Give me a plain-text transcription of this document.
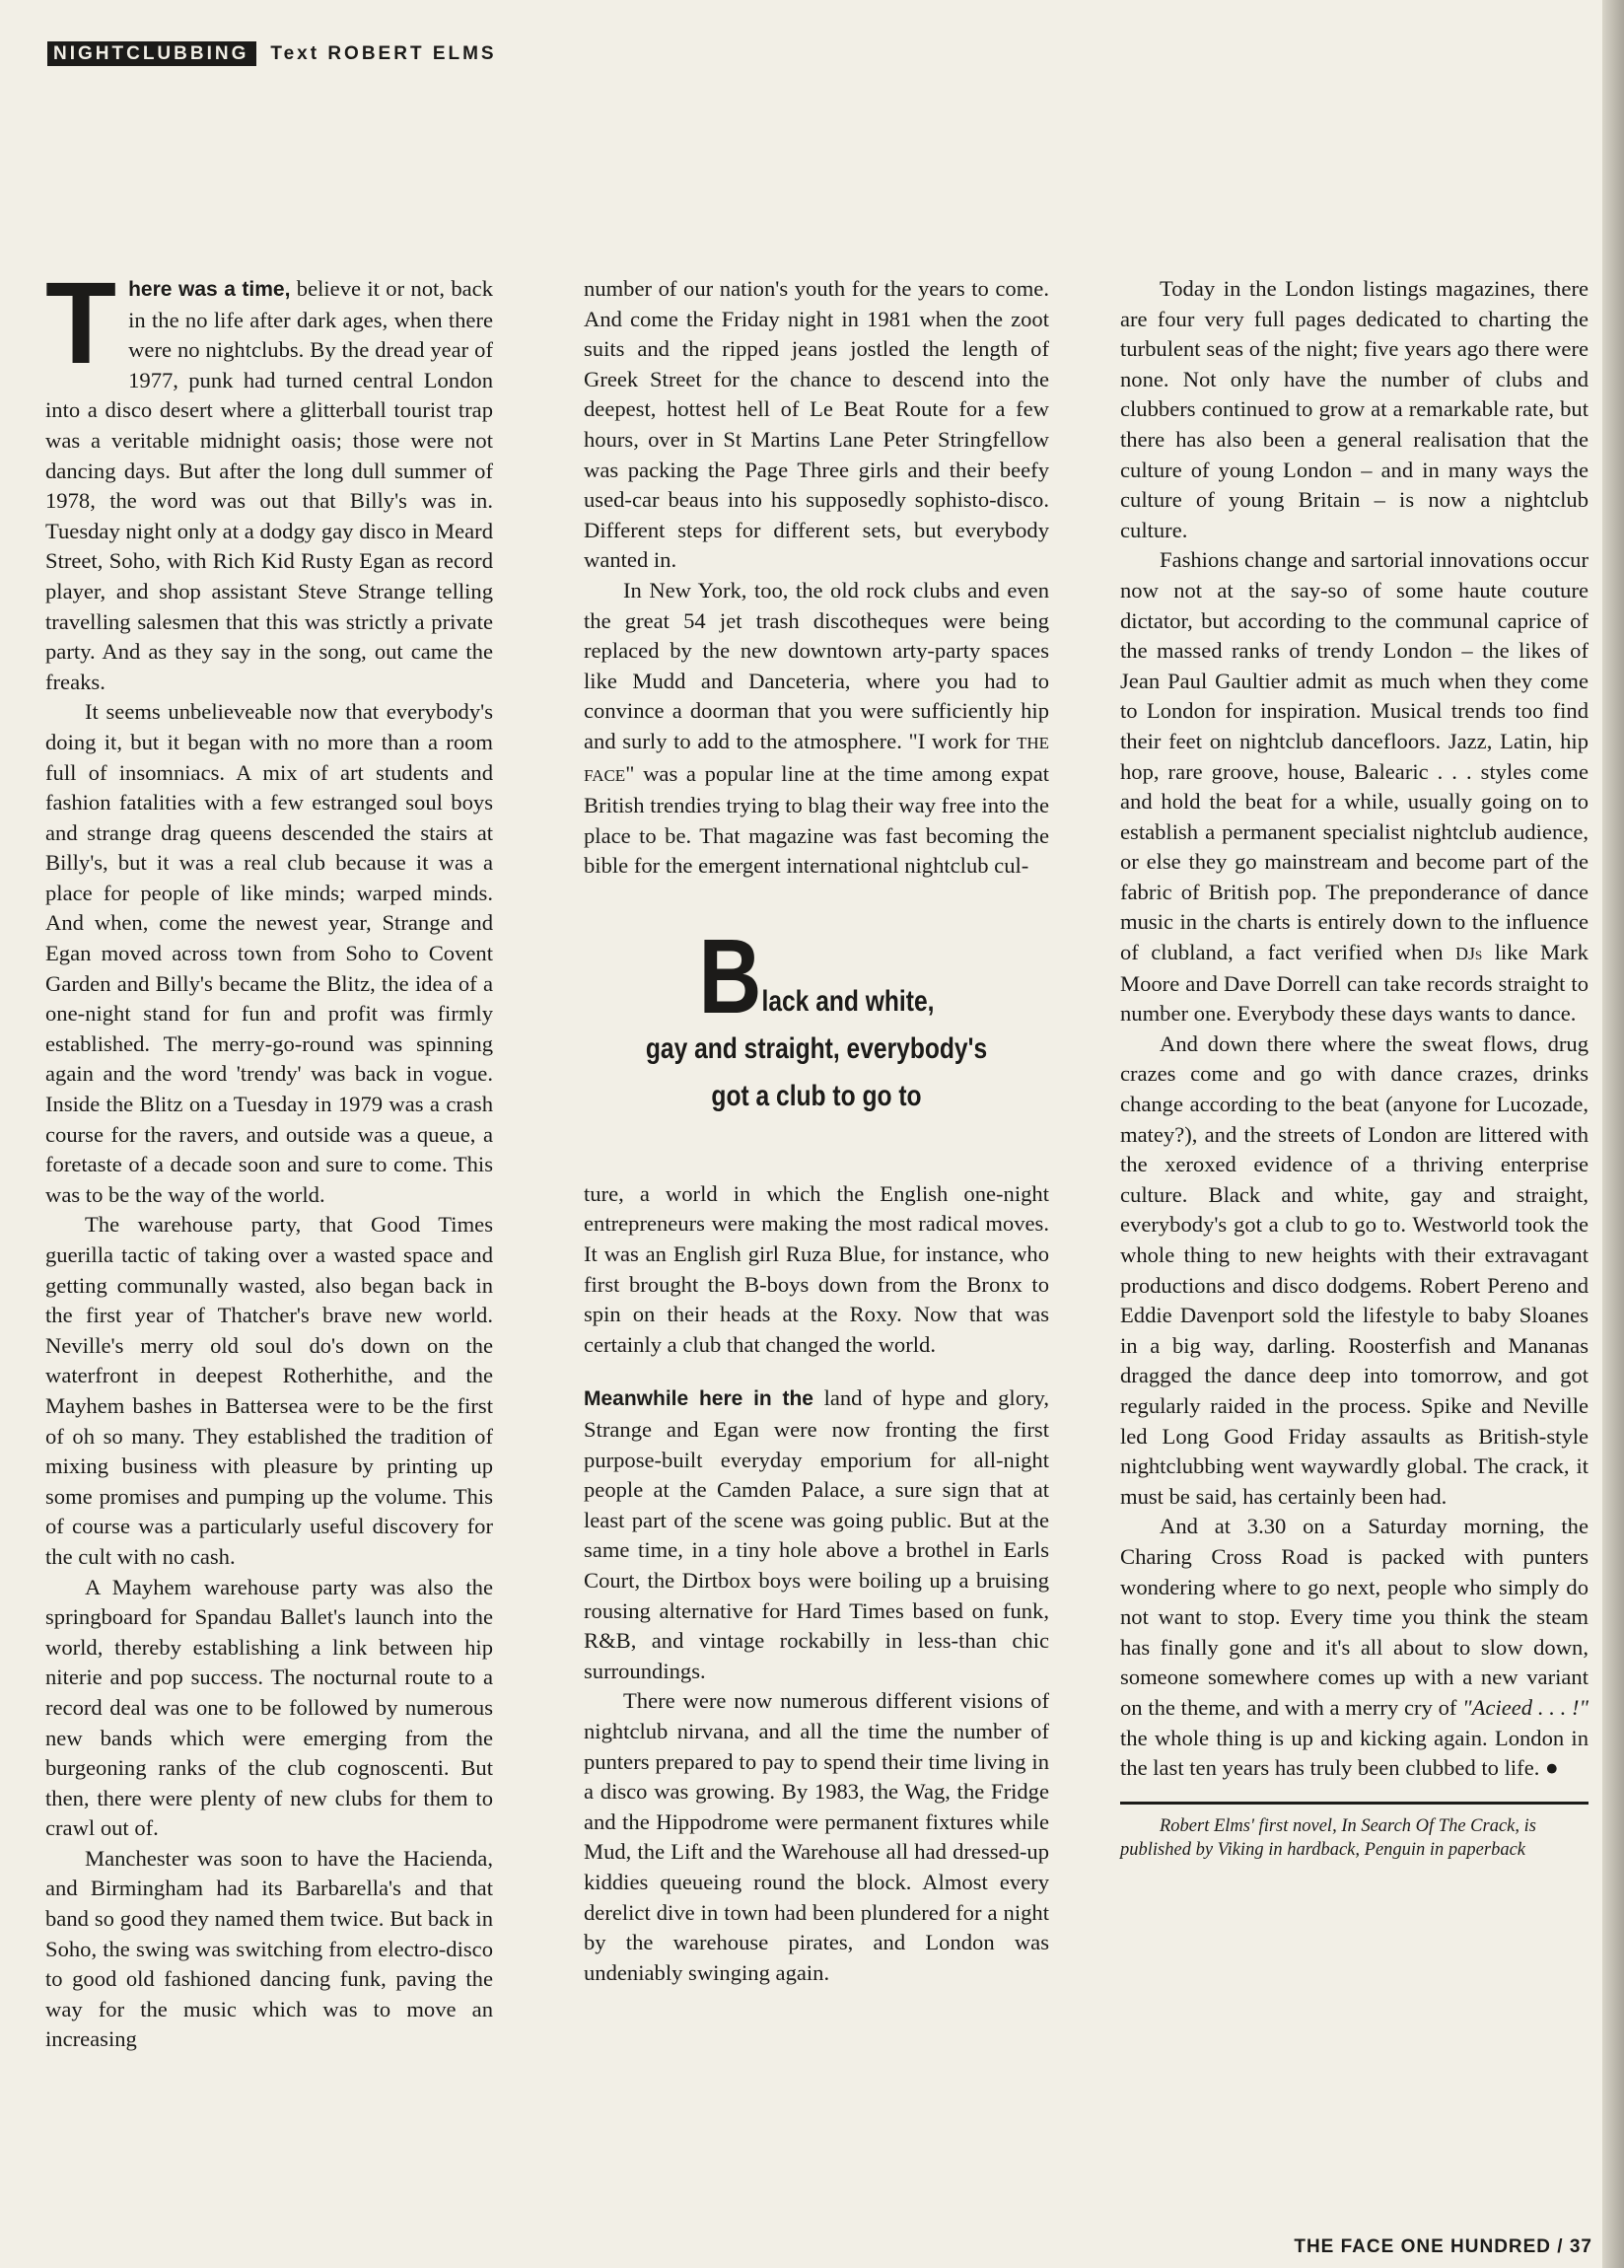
NIGHTCLUBBING Text ROBERT ELMS

There was a time, believe it or not, back in the no life after dark ages, when there were no nightclubs. By the dread year of 1977, punk had turned central London into a disco desert where a glitterball tourist trap was a veritable midnight oasis; those were not dancing days. But after the long dull summer of 1978, the word was out that Billy's was in. Tuesday night only at a dodgy gay disco in Meard Street, Soho, with Rich Kid Rusty Egan as record player, and shop assistant Steve Strange telling travelling salesmen that this was strictly a private party. And as they say in the song, out came the freaks.

It seems unbelieveable now that everybody's doing it, but it began with no more than a room full of insomniacs. A mix of art students and fashion fatalities with a few estranged soul boys and strange drag queens descended the stairs at Billy's, but it was a real club because it was a place for people of like minds; warped minds. And when, come the newest year, Strange and Egan moved across town from Soho to Covent Garden and Billy's became the Blitz, the idea of a one-night stand for fun and profit was firmly established. The merry-go-round was spinning again and the word 'trendy' was back in vogue. Inside the Blitz on a Tuesday in 1979 was a crash course for the ravers, and outside was a queue, a foretaste of a decade soon and sure to come. This was to be the way of the world.

The warehouse party, that Good Times guerilla tactic of taking over a wasted space and getting communally wasted, also began back in the first year of Thatcher's brave new world. Neville's merry old soul do's down on the waterfront in deepest Rotherhithe, and the Mayhem bashes in Battersea were to be the first of oh so many. They established the tradition of mixing business with pleasure by printing up some promises and pumping up the volume. This of course was a particularly useful discovery for the cult with no cash.

A Mayhem warehouse party was also the springboard for Spandau Ballet's launch into the world, thereby establishing a link between hip niterie and pop success. The nocturnal route to a record deal was one to be followed by numerous new bands which were emerging from the burgeoning ranks of the club cognoscenti. But then, there were plenty of new clubs for them to crawl out of.

Manchester was soon to have the Hacienda, and Birmingham had its Barbarella's and that band so good they named them twice. But back in Soho, the swing was switching from electro-disco to good old fashioned dancing funk, paving the way for the music which was to move an increasing

number of our nation's youth for the years to come. And come the Friday night in 1981 when the zoot suits and the ripped jeans jostled the length of Greek Street for the chance to descend into the deepest, hottest hell of Le Beat Route for a few hours, over in St Martins Lane Peter Stringfellow was packing the Page Three girls and their beefy used-car beaus into his supposedly sophisto-disco. Different steps for different sets, but everybody wanted in.

In New York, too, the old rock clubs and even the great 54 jet trash discotheques were being replaced by the new downtown arty-party spaces like Mudd and Danceteria, where you had to convince a doorman that you were sufficiently hip and surly to add to the atmosphere. "I work for THE FACE" was a popular line at the time among expat British trendies trying to blag their way free into the place to be. That magazine was fast becoming the bible for the emergent international nightclub cul-

Black and white,
gay and straight, everybody's
got a club to go to

ture, a world in which the English one-night entrepreneurs were making the most radical moves. It was an English girl Ruza Blue, for instance, who first brought the B-boys down from the Bronx to spin on their heads at the Roxy. Now that was certainly a club that changed the world.

Meanwhile here in the land of hype and glory, Strange and Egan were now fronting the first purpose-built everyday emporium for all-night people at the Camden Palace, a sure sign that at least part of the scene was going public. But at the same time, in a tiny hole above a brothel in Earls Court, the Dirtbox boys were boiling up a bruising rousing alternative for Hard Times based on funk, R&B, and vintage rockabilly in less-than chic surroundings.

There were now numerous different visions of nightclub nirvana, and all the time the number of punters prepared to pay to spend their time living in a disco was growing. By 1983, the Wag, the Fridge and the Hippodrome were permanent fixtures while Mud, the Lift and the Warehouse all had dressed-up kiddies queueing round the block. Almost every derelict dive in town had been plundered for a night by the warehouse pirates, and London was undeniably swinging again.

Today in the London listings magazines, there are four very full pages dedicated to charting the turbulent seas of the night; five years ago there were none. Not only have the number of clubs and clubbers continued to grow at a remarkable rate, but there has also been a general realisation that the culture of young London – and in many ways the culture of young Britain – is now a nightclub culture.

Fashions change and sartorial innovations occur now not at the say-so of some haute couture dictator, but according to the communal caprice of the massed ranks of trendy London – the likes of Jean Paul Gaultier admit as much when they come to London for inspiration. Musical trends too find their feet on nightclub dancefloors. Jazz, Latin, hip hop, rare groove, house, Balearic . . . styles come and hold the beat for a while, usually going on to establish a permanent specialist nightclub audience, or else they go mainstream and become part of the fabric of British pop. The preponderance of dance music in the charts is entirely down to the influence of clubland, a fact verified when DJs like Mark Moore and Dave Dorrell can take records straight to number one. Everybody these days wants to dance.

And down there where the sweat flows, drug crazes come and go with dance crazes, drinks change according to the beat (anyone for Lucozade, matey?), and the streets of London are littered with the xeroxed evidence of a thriving enterprise culture. Black and white, gay and straight, everybody's got a club to go to. Westworld took the whole thing to new heights with their extravagant productions and disco dodgems. Robert Pereno and Eddie Davenport sold the lifestyle to baby Sloanes in a big way, darling. Roosterfish and Mananas dragged the dance deep into tomorrow, and got regularly raided in the process. Spike and Neville led Long Good Friday assaults as British-style nightclubbing went waywardly global. The crack, it must be said, has certainly been had.

And at 3.30 on a Saturday morning, the Charing Cross Road is packed with punters wondering where to go next, people who simply do not want to stop. Every time you think the steam has finally gone and it's all about to slow down, someone somewhere comes up with a new variant on the theme, and with a merry cry of "Acieed . . . !" the whole thing is up and kicking again. London in the last ten years has truly been clubbed to life. ●

Robert Elms' first novel, In Search Of The Crack, is published by Viking in hardback, Penguin in paperback

THE FACE ONE HUNDRED / 37
